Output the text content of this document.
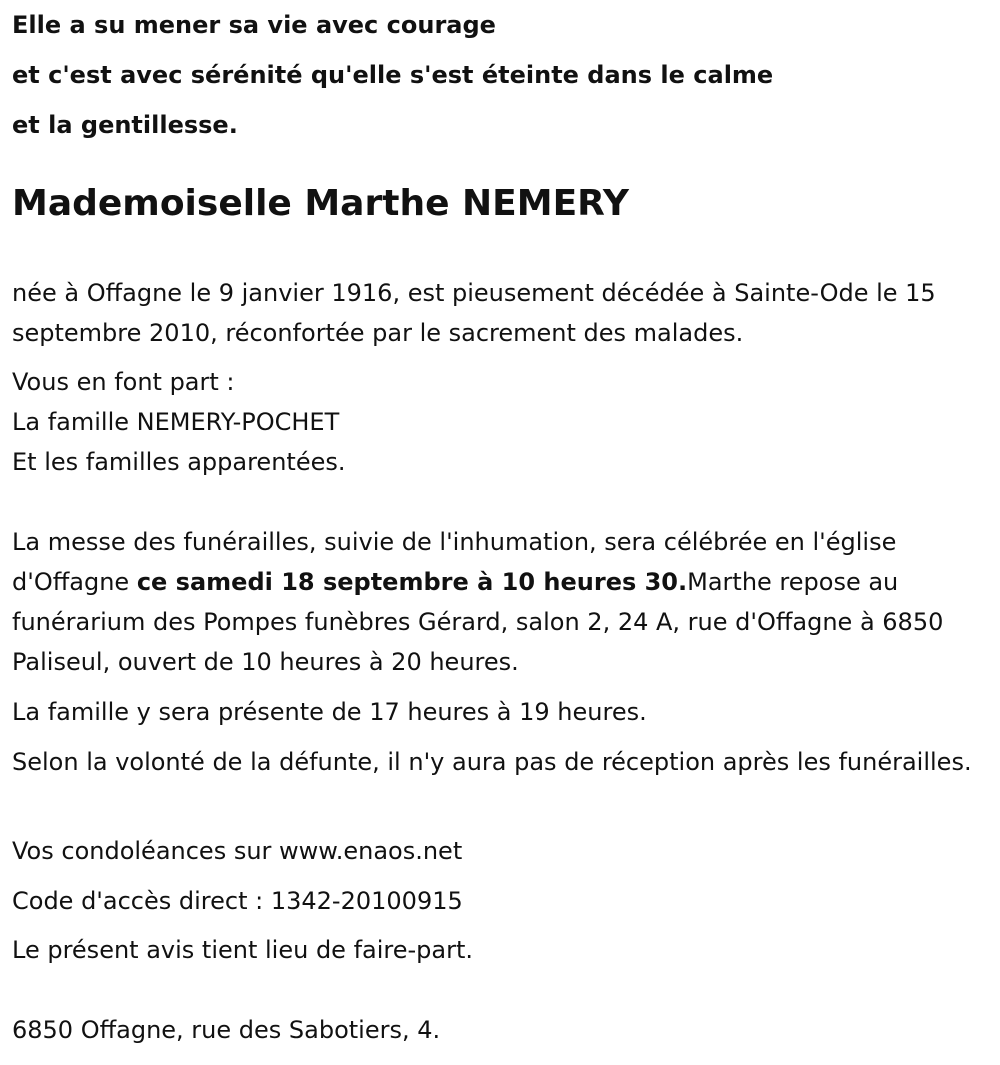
Elle a su mener sa vie avec courage
et c'est avec sérénité qu'elle s'est éteinte dans le calme
et la gentillesse.
Mademoiselle Marthe NEMERY

née à Offagne le 9 janvier 1916, est pieusement décédée à Sainte-Ode le 15 septembre 2010, réconfortée par le sacrement des malades.

Vous en font part :
La famille NEMERY-POCHET
Et les familles apparentées.

La messe des funérailles, suivie de l'inhumation, sera célébrée en l'église d'Offagne ce samedi 18 septembre à 10 heures 30.Marthe repose au funérarium des Pompes funèbres Gérard, salon 2, 24 A, rue d'Offagne à 6850 Paliseul, ouvert de 10 heures à 20 heures.

La famille y sera présente de 17 heures à 19 heures.

Selon la volonté de la défunte, il n'y aura pas de réception après les funérailles.

Vos condoléances sur www.enaos.net
Code d'accès direct : 1342-20100915
Le présent avis tient lieu de faire-part.
6850 Offagne, rue des Sabotiers, 4.
